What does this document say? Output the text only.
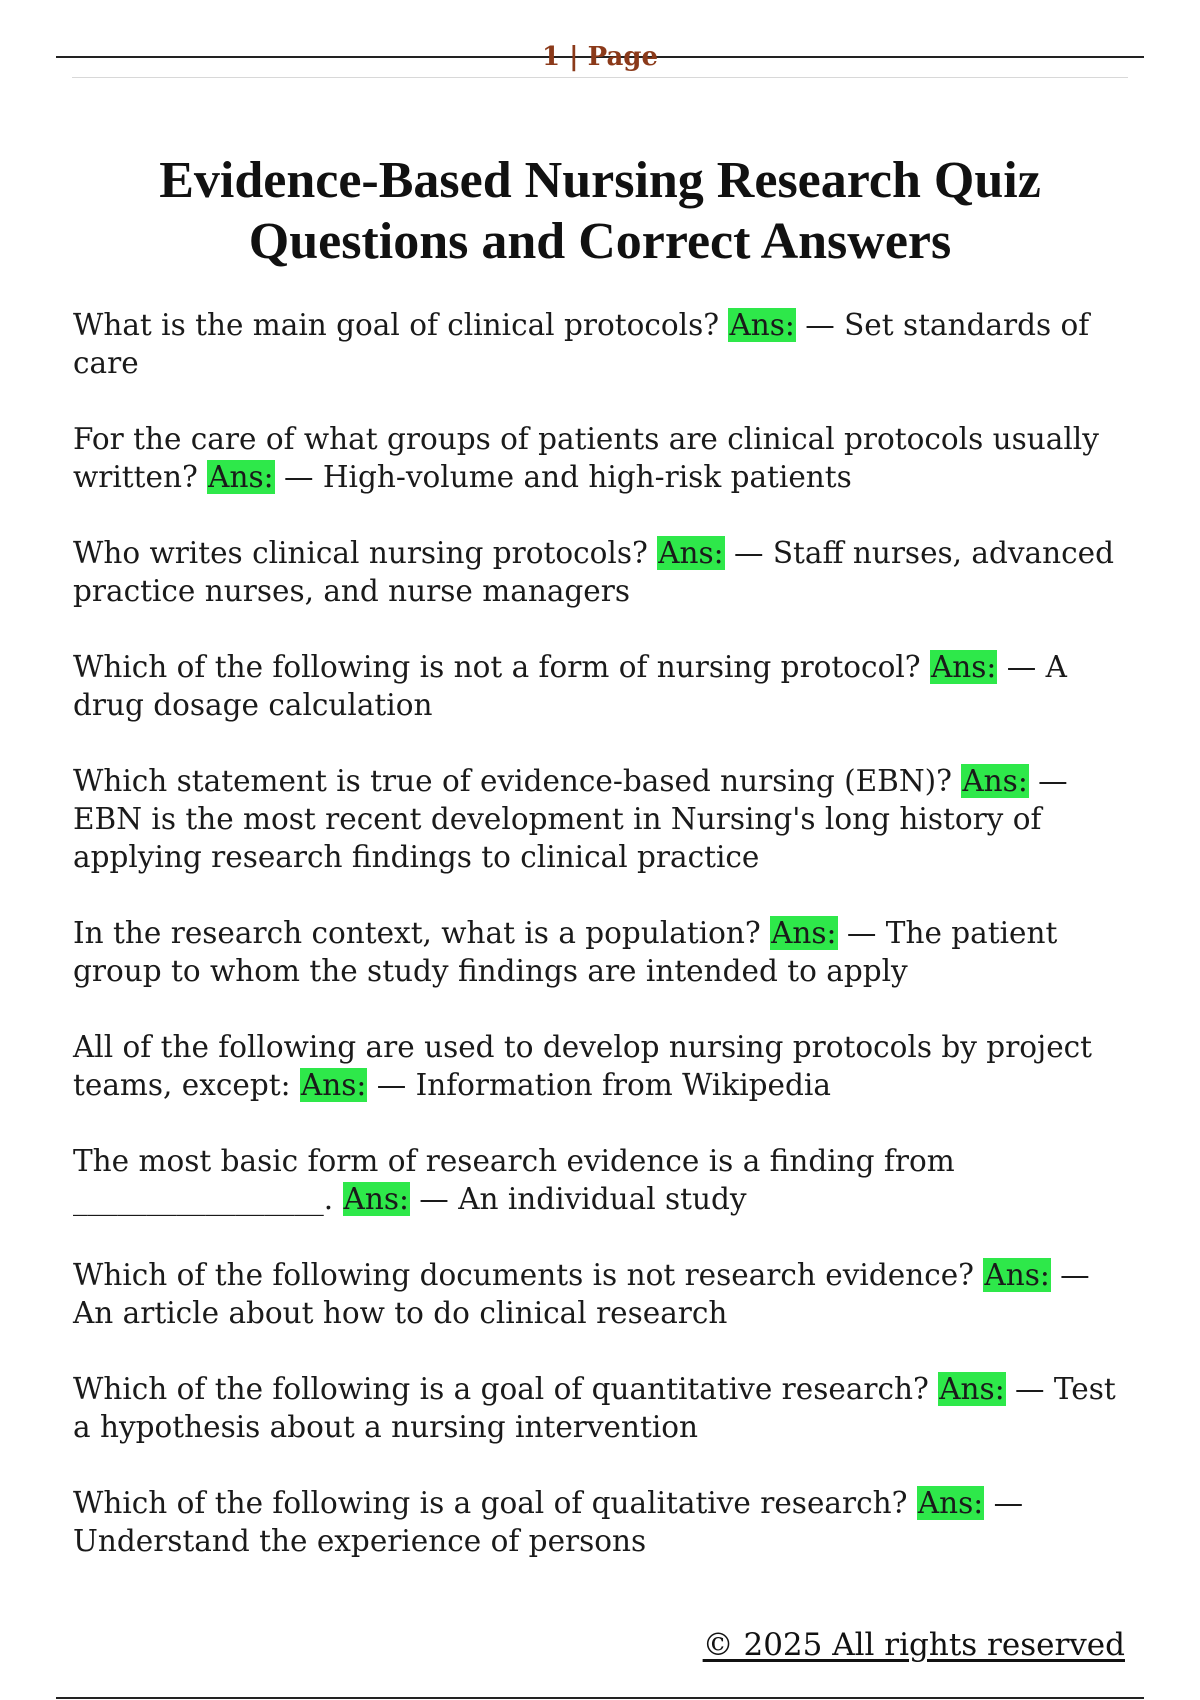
1 | Page
Evidence-Based Nursing Research Quiz Questions and Correct Answers

What is the main goal of clinical protocols? Ans: — Set standards of care

For the care of what groups of patients are clinical protocols usually written? Ans: — High-volume and high-risk patients

Who writes clinical nursing protocols? Ans: — Staff nurses, advanced practice nurses, and nurse managers

Which of the following is not a form of nursing protocol? Ans: — A drug dosage calculation

Which statement is true of evidence-based nursing (EBN)? Ans: — EBN is the most recent development in Nursing's long history of applying research findings to clinical practice

In the research context, what is a population? Ans: — The patient group to whom the study findings are intended to apply

All of the following are used to develop nursing protocols by project teams, except: Ans: — Information from Wikipedia

The most basic form of research evidence is a finding from _________________. Ans: — An individual study

Which of the following documents is not research evidence? Ans: — An article about how to do clinical research

Which of the following is a goal of quantitative research? Ans: — Test a hypothesis about a nursing intervention

Which of the following is a goal of qualitative research? Ans: — Understand the experience of persons

© 2025 All rights reserved
